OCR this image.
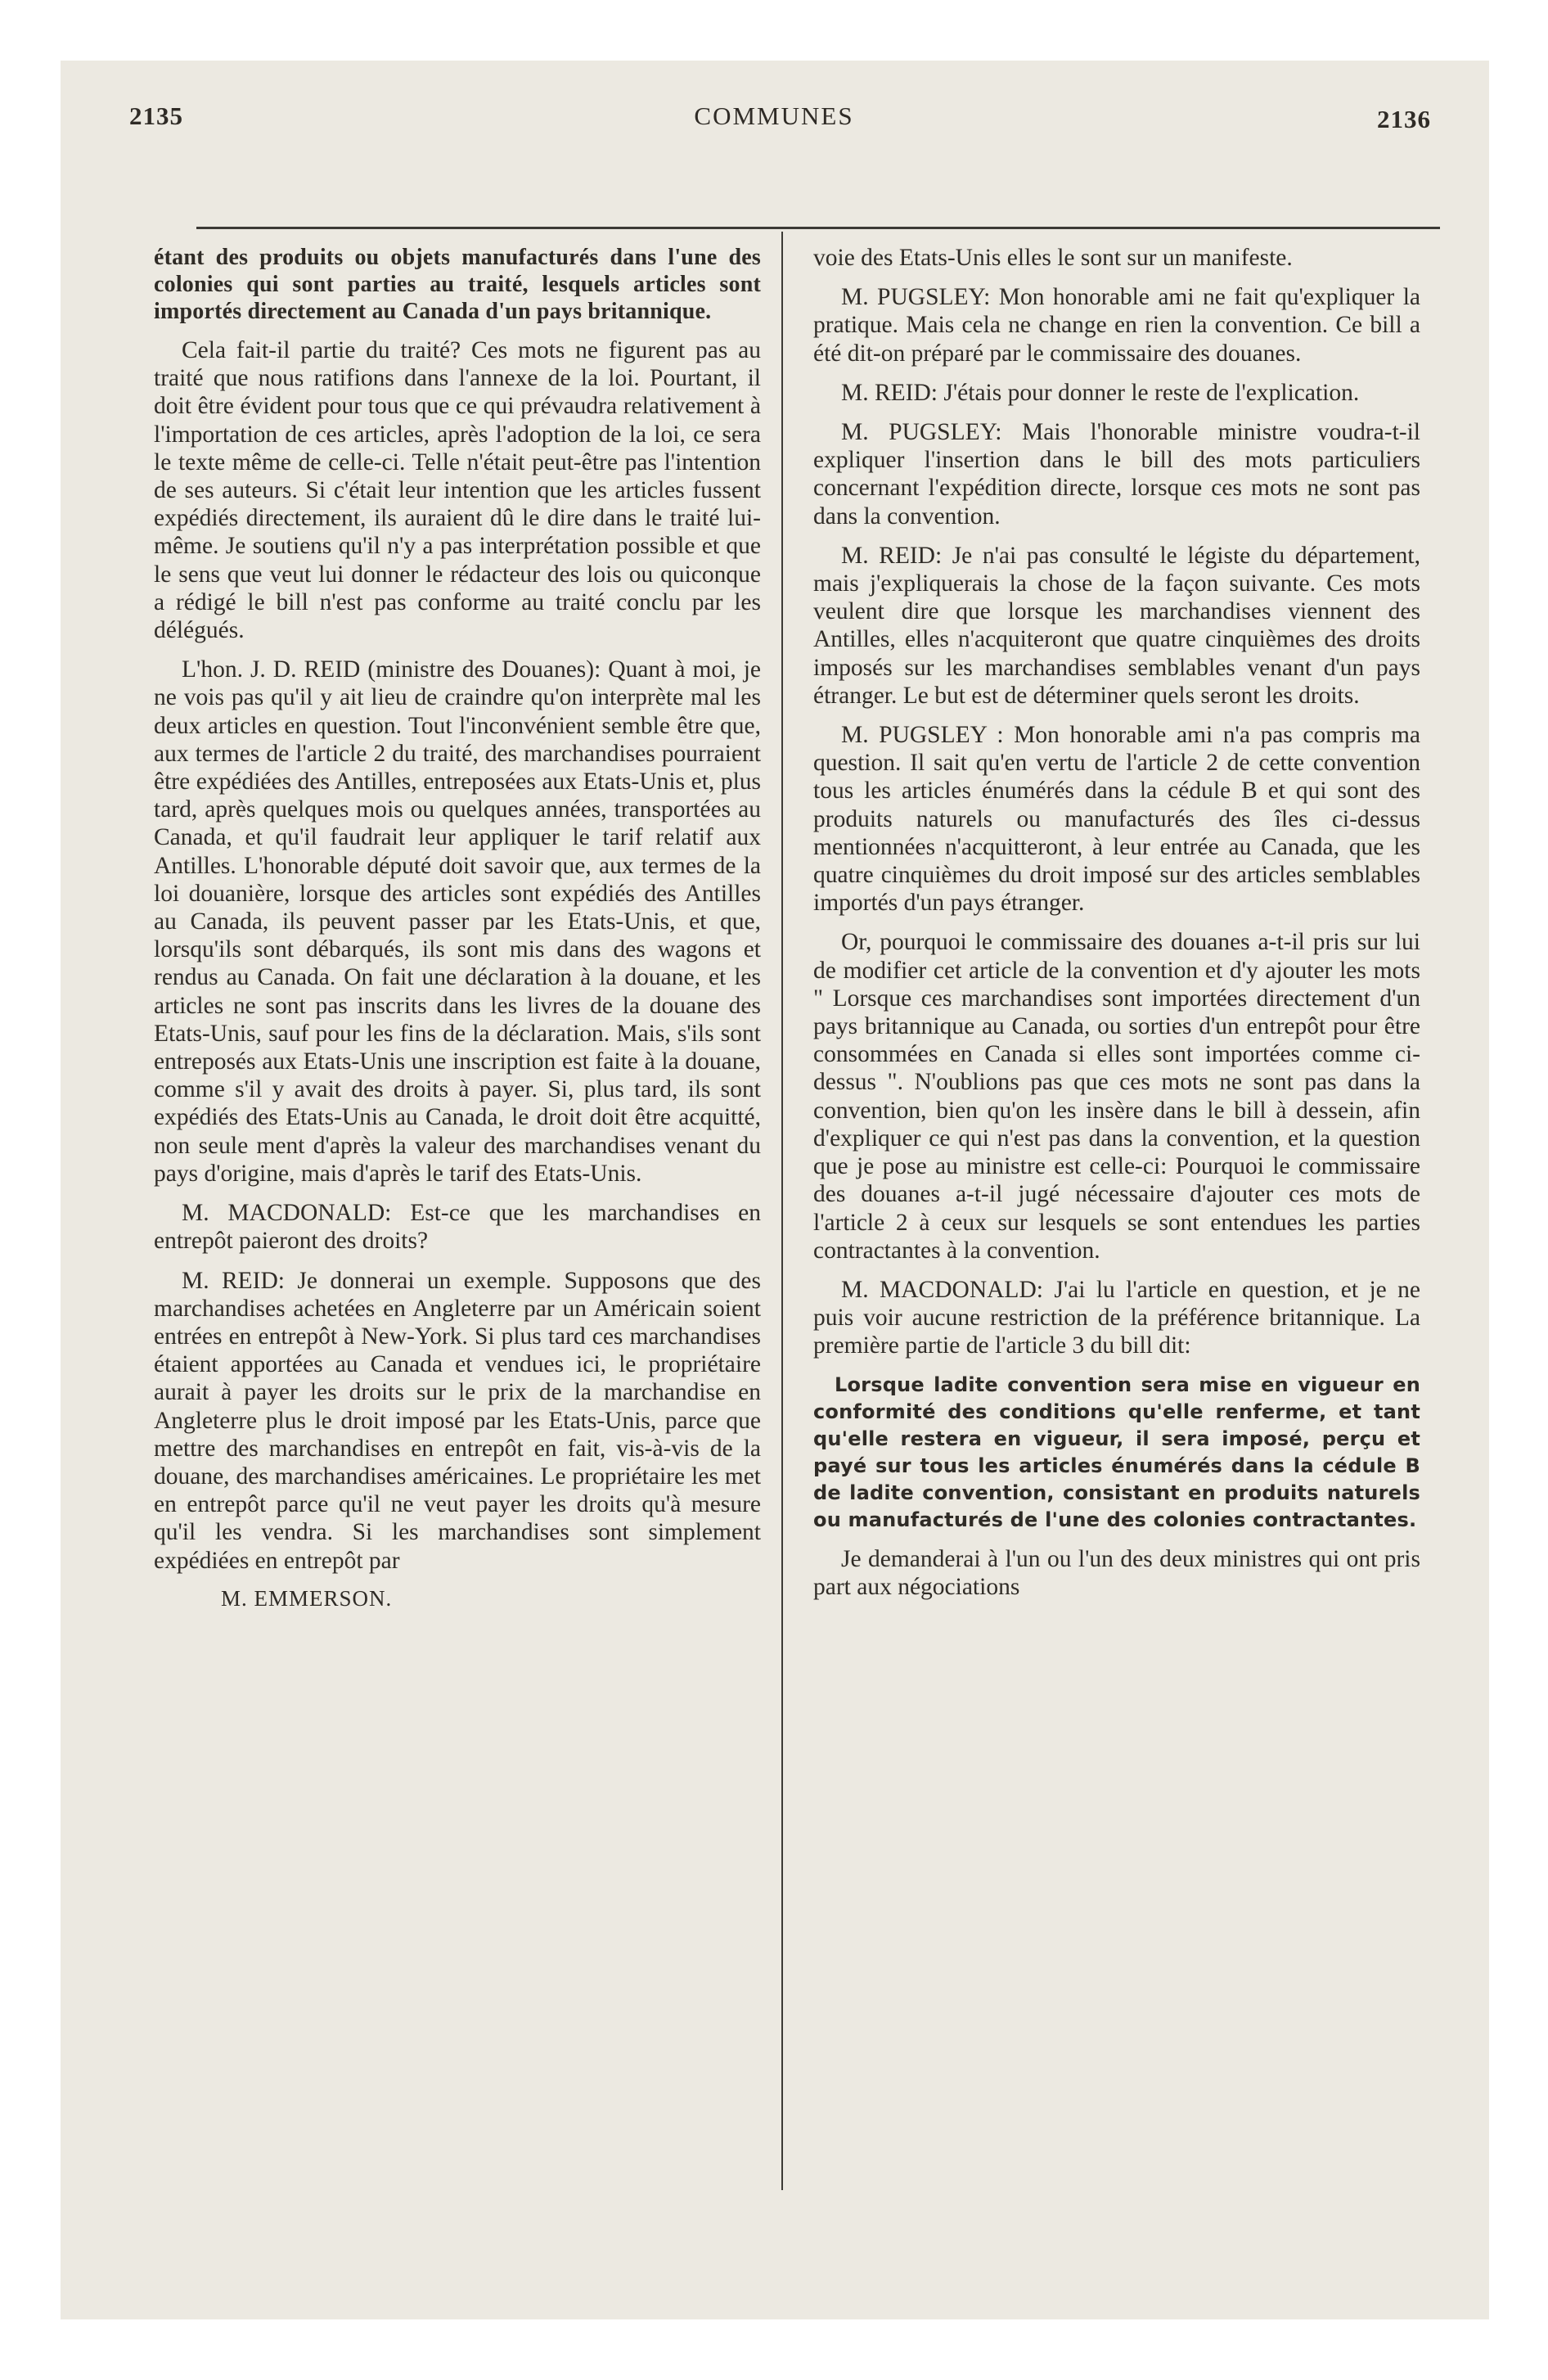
2135	COMMUNES	2136

étant des produits ou objets manufacturés dans l'une des colonies qui sont parties au traité, lesquels articles sont importés directement au Canada d'un pays britannique.

Cela fait-il partie du traité? Ces mots ne figurent pas au traité que nous ratifions dans l'annexe de la loi. Pourtant, il doit être évident pour tous que ce qui prévaudra relativement à l'importation de ces articles, après l'adoption de la loi, ce sera le texte même de celle-ci. Telle n'était peut-être pas l'intention de ses auteurs. Si c'était leur intention que les articles fussent expédiés directement, ils auraient dû le dire dans le traité lui-même. Je soutiens qu'il n'y a pas interprétation possible et que le sens que veut lui donner le rédacteur des lois ou quiconque a rédigé le bill n'est pas conforme au traité conclu par les délégués.

L'hon. J. D. REID (ministre des Douanes): Quant à moi, je ne vois pas qu'il y ait lieu de craindre qu'on interprète mal les deux articles en question. Tout l'inconvénient semble être que, aux termes de l'article 2 du traité, des marchandises pourraient être expédiées des Antilles, entreposées aux Etats-Unis et, plus tard, après quelques mois ou quelques années, transportées au Canada, et qu'il faudrait leur appliquer le tarif relatif aux Antilles. L'honorable député doit savoir que, aux termes de la loi douanière, lorsque des articles sont expédiés des Antilles au Canada, ils peuvent passer par les Etats-Unis, et que, lorsqu'ils sont débarqués, ils sont mis dans des wagons et rendus au Canada. On fait une déclaration à la douane, et les articles ne sont pas inscrits dans les livres de la douane des Etats-Unis, sauf pour les fins de la déclaration. Mais, s'ils sont entreposés aux Etats-Unis une inscription est faite à la douane, comme s'il y avait des droits à payer. Si, plus tard, ils sont expédiés des Etats-Unis au Canada, le droit doit être acquitté, non seule ment d'après la valeur des marchandises venant du pays d'origine, mais d'après le tarif des Etats-Unis.

M. MACDONALD: Est-ce que les marchandises en entrepôt paieront des droits?

M. REID: Je donnerai un exemple. Supposons que des marchandises achetées en Angleterre par un Américain soient entrées en entrepôt à New-York. Si plus tard ces marchandises étaient apportées au Canada et vendues ici, le propriétaire aurait à payer les droits sur le prix de la marchandise en Angleterre plus le droit imposé par les Etats-Unis, parce que mettre des marchandises en entrepôt en fait, vis-à-vis de la douane, des marchandises américaines. Le propriétaire les met en entrepôt parce qu'il ne veut payer les droits qu'à mesure qu'il les vendra. Si les marchandises sont simplement expédiées en entrepôt par

M. EMMERSON.

voie des Etats-Unis elles le sont sur un manifeste.

M. PUGSLEY: Mon honorable ami ne fait qu'expliquer la pratique. Mais cela ne change en rien la convention. Ce bill a été dit-on préparé par le commissaire des douanes.

M. REID: J'étais pour donner le reste de l'explication.

M. PUGSLEY: Mais l'honorable ministre voudra-t-il expliquer l'insertion dans le bill des mots particuliers concernant l'expédition directe, lorsque ces mots ne sont pas dans la convention.

M. REID: Je n'ai pas consulté le légiste du département, mais j'expliquerais la chose de la façon suivante. Ces mots veulent dire que lorsque les marchandises viennent des Antilles, elles n'acquiteront que quatre cinquièmes des droits imposés sur les marchandises semblables venant d'un pays étranger. Le but est de déterminer quels seront les droits.

M. PUGSLEY : Mon honorable ami n'a pas compris ma question. Il sait qu'en vertu de l'article 2 de cette convention tous les articles énumérés dans la cédule B et qui sont des produits naturels ou manufacturés des îles ci-dessus mentionnées n'acquitteront, à leur entrée au Canada, que les quatre cinquièmes du droit imposé sur des articles semblables importés d'un pays étranger.

Or, pourquoi le commissaire des douanes a-t-il pris sur lui de modifier cet article de la convention et d'y ajouter les mots " Lorsque ces marchandises sont importées directement d'un pays britannique au Canada, ou sorties d'un entrepôt pour être consommées en Canada si elles sont importées comme ci-dessus ". N'oublions pas que ces mots ne sont pas dans la convention, bien qu'on les insère dans le bill à dessein, afin d'expliquer ce qui n'est pas dans la convention, et la question que je pose au ministre est celle-ci: Pourquoi le commissaire des douanes a-t-il jugé nécessaire d'ajouter ces mots de l'article 2 à ceux sur lesquels se sont entendues les parties contractantes à la convention.

M. MACDONALD: J'ai lu l'article en question, et je ne puis voir aucune restriction de la préférence britannique. La première partie de l'article 3 du bill dit:

Lorsque ladite convention sera mise en vigueur en conformité des conditions qu'elle renferme, et tant qu'elle restera en vigueur, il sera imposé, perçu et payé sur tous les articles énumérés dans la cédule B de ladite convention, consistant en produits naturels ou manufacturés de l'une des colonies contractantes.

Je demanderai à l'un ou l'un des deux ministres qui ont pris part aux négociations
